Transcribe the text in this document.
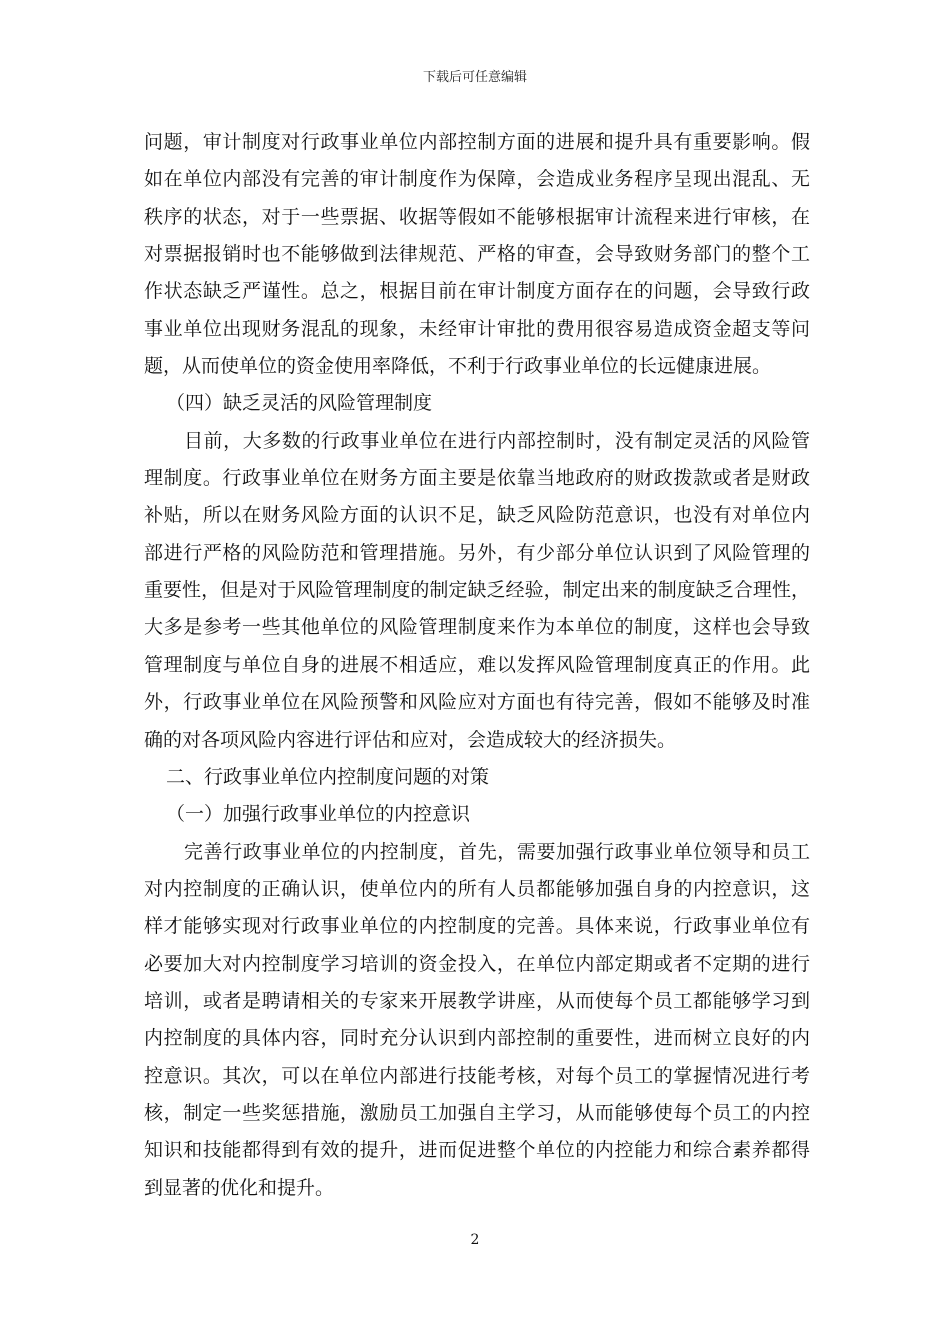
下载后可任意编辑
问题，审计制度对行政事业单位内部控制方面的进展和提升具有重要影响。假
如在单位内部没有完善的审计制度作为保障，会造成业务程序呈现出混乱、无
秩序的状态，对于一些票据、收据等假如不能够根据审计流程来进行审核，在
对票据报销时也不能够做到法律规范、严格的审查，会导致财务部门的整个工
作状态缺乏严谨性。总之，根据目前在审计制度方面存在的问题，会导致行政
事业单位出现财务混乱的现象，未经审计审批的费用很容易造成资金超支等问
题，从而使单位的资金使用率降低，不利于行政事业单位的长远健康进展。
（四）缺乏灵活的风险管理制度
目前，大多数的行政事业单位在进行内部控制时，没有制定灵活的风险管
理制度。行政事业单位在财务方面主要是依靠当地政府的财政拨款或者是财政
补贴，所以在财务风险方面的认识不足，缺乏风险防范意识，也没有对单位内
部进行严格的风险防范和管理措施。另外，有少部分单位认识到了风险管理的
重要性，但是对于风险管理制度的制定缺乏经验，制定出来的制度缺乏合理性，
大多是参考一些其他单位的风险管理制度来作为本单位的制度，这样也会导致
管理制度与单位自身的进展不相适应，难以发挥风险管理制度真正的作用。此
外，行政事业单位在风险预警和风险应对方面也有待完善，假如不能够及时准
确的对各项风险内容进行评估和应对，会造成较大的经济损失。
二、行政事业单位内控制度问题的对策
（一）加强行政事业单位的内控意识
完善行政事业单位的内控制度，首先，需要加强行政事业单位领导和员工
对内控制度的正确认识，使单位内的所有人员都能够加强自身的内控意识，这
样才能够实现对行政事业单位的内控制度的完善。具体来说，行政事业单位有
必要加大对内控制度学习培训的资金投入，在单位内部定期或者不定期的进行
培训，或者是聘请相关的专家来开展教学讲座，从而使每个员工都能够学习到
内控制度的具体内容，同时充分认识到内部控制的重要性，进而树立良好的内
控意识。其次，可以在单位内部进行技能考核，对每个员工的掌握情况进行考
核，制定一些奖惩措施，激励员工加强自主学习，从而能够使每个员工的内控
知识和技能都得到有效的提升，进而促进整个单位的内控能力和综合素养都得
到显著的优化和提升。
2
